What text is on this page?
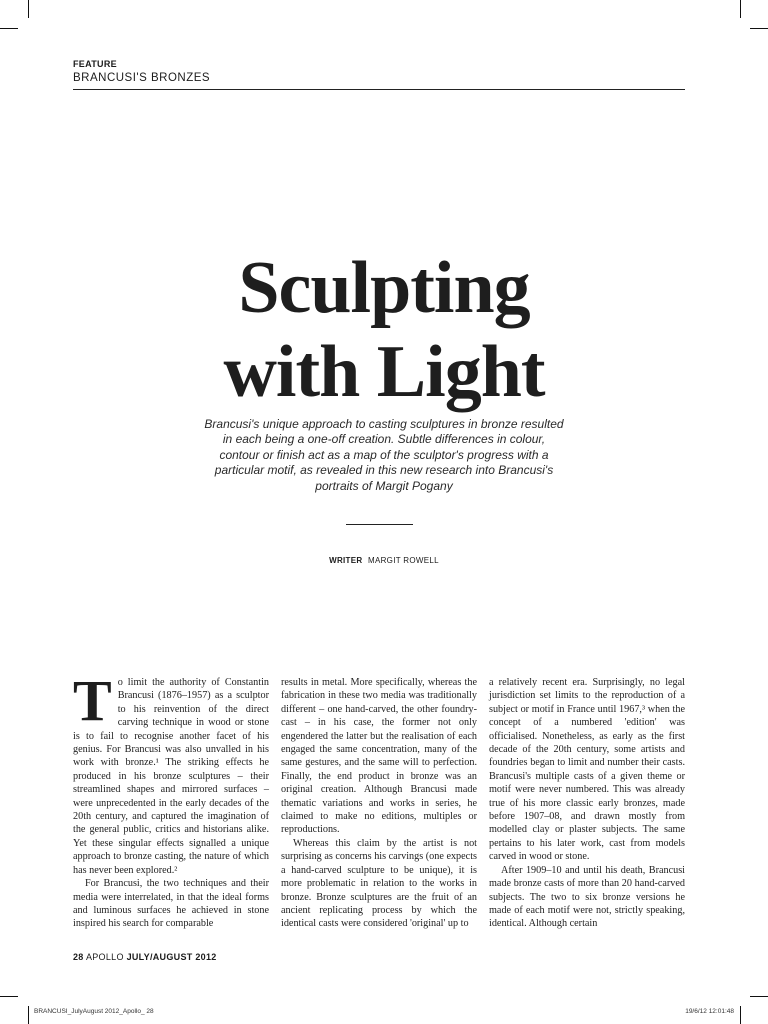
FEATURE
BRANCUSI'S BRONZES
Sculpting
with Light
Brancusi's unique approach to casting sculptures in bronze resulted in each being a one-off creation. Subtle differences in colour, contour or finish act as a map of the sculptor's progress with a particular motif, as revealed in this new research into Brancusi's portraits of Margit Pogany
WRITER MARGIT ROWELL

To limit the authority of Constantin Brancusi (1876–1957) as a sculptor to his reinvention of the direct carving technique in wood or stone is to fail to recognise another facet of his genius. For Brancusi was also unvalled in his work with bronze.¹ The striking effects he produced in his bronze sculptures – their streamlined shapes and mirrored surfaces – were unprecedented in the early decades of the 20th century, and captured the imagination of the general public, critics and historians alike. Yet these singular effects signalled a unique approach to bronze casting, the nature of which has never been explored.²

For Brancusi, the two techniques and their media were interrelated, in that the ideal forms and luminous surfaces he achieved in stone inspired his search for comparable

results in metal. More specifically, whereas the fabrication in these two media was traditionally different – one hand-carved, the other foundry-cast – in his case, the former not only engendered the latter but the realisation of each engaged the same concentration, many of the same gestures, and the same will to perfection. Finally, the end product in bronze was an original creation. Although Brancusi made thematic variations and works in series, he claimed to make no editions, multiples or reproductions.

Whereas this claim by the artist is not surprising as concerns his carvings (one expects a hand-carved sculpture to be unique), it is more problematic in relation to the works in bronze. Bronze sculptures are the fruit of an ancient replicating process by which the identical casts were considered 'original' up to

a relatively recent era. Surprisingly, no legal jurisdiction set limits to the reproduction of a subject or motif in France until 1967,³ when the concept of a numbered 'edition' was officialised. Nonetheless, as early as the first decade of the 20th century, some artists and foundries began to limit and number their casts. Brancusi's multiple casts of a given theme or motif were never numbered. This was already true of his more classic early bronzes, made before 1907–08, and drawn mostly from modelled clay or plaster subjects. The same pertains to his later work, cast from models carved in wood or stone.

After 1909–10 and until his death, Brancusi made bronze casts of more than 20 hand-carved subjects. The two to six bronze versions he made of each motif were not, strictly speaking, identical. Although certain

28 APOLLO JULY/AUGUST 2012
BRANCUSI_JulyAugust 2012_Apollo_ 28	19/6/12 12:01:48
